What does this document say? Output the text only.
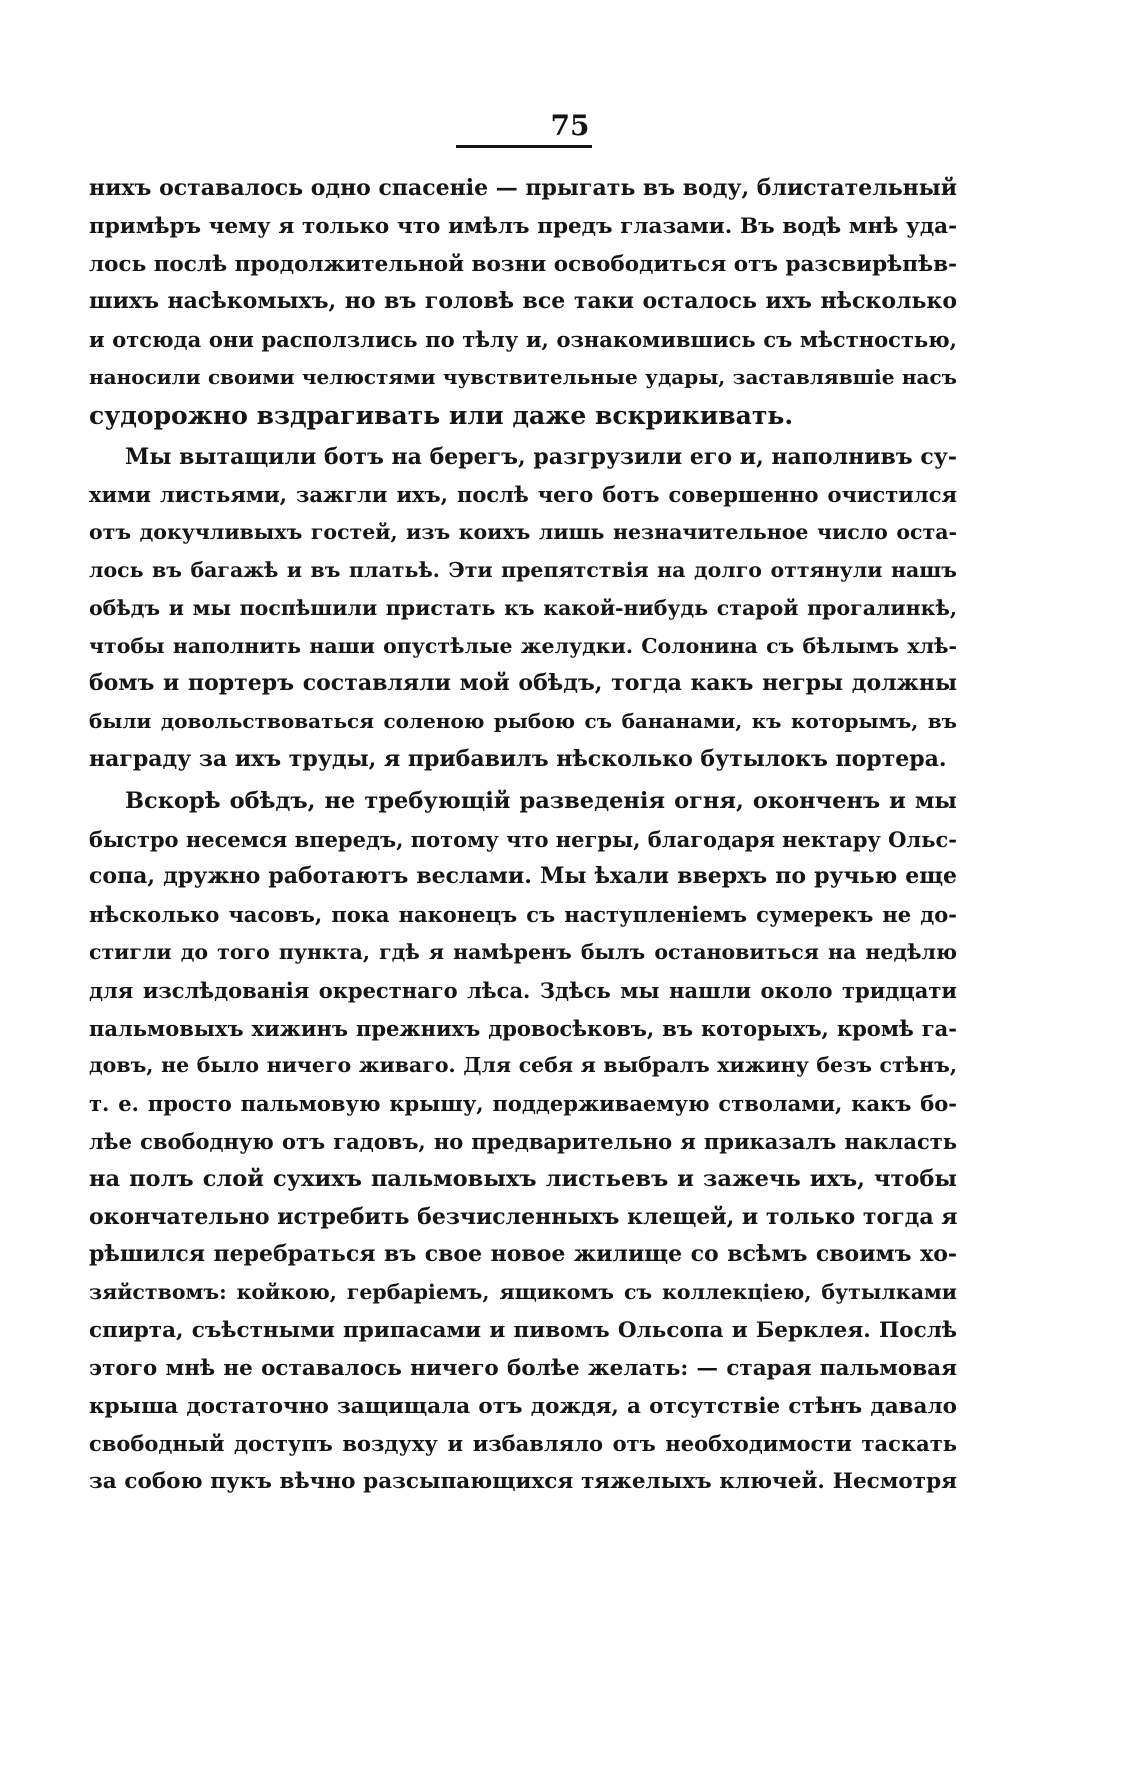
75
нихъ оставалось одно спасеніе — прыгать въ воду, блистательный
примѣръ чему я только что имѣлъ предъ глазами. Въ водѣ мнѣ уда-
лось послѣ продолжительной возни освободиться отъ разсвирѣпѣв-
шихъ насѣкомыхъ, но въ головѣ все таки осталось ихъ нѣсколько
и отсюда они расползлись по тѣлу и, ознакомившись съ мѣстностью,
наносили своими челюстями чувствительные удары, заставлявшіе насъ
судорожно вздрагивать или даже вскрикивать.
Мы вытащили ботъ на берегъ, разгрузили его и, наполнивъ су-
хими листьями, зажгли ихъ, послѣ чего ботъ совершенно очистился
отъ докучливыхъ гостей, изъ коихъ лишь незначительное число оста-
лось въ багажѣ и въ платьѣ. Эти препятствія на долго оттянули нашъ
обѣдъ и мы поспѣшили пристать къ какой-нибудь старой прогалинкѣ,
чтобы наполнить наши опустѣлые желудки. Солонина съ бѣлымъ хлѣ-
бомъ и портеръ составляли мой обѣдъ, тогда какъ негры должны
были довольствоваться соленою рыбою съ бананами, къ которымъ, въ
награду за ихъ труды, я прибавилъ нѣсколько бутылокъ портера.
Вскорѣ обѣдъ, не требующій разведенія огня, оконченъ и мы
быстро несемся впередъ, потому что негры, благодаря нектару Ольс-
сопа, дружно работаютъ веслами. Мы ѣхали вверхъ по ручью еще
нѣсколько часовъ, пока наконецъ съ наступленіемъ сумерекъ не до-
стигли до того пункта, гдѣ я намѣренъ былъ остановиться на недѣлю
для изслѣдованія окрестнаго лѣса. Здѣсь мы нашли около тридцати
пальмовыхъ хижинъ прежнихъ дровосѣковъ, въ которыхъ, кромѣ га-
довъ, не было ничего живаго. Для себя я выбралъ хижину безъ стѣнъ,
т. е. просто пальмовую крышу, поддерживаемую стволами, какъ бо-
лѣе свободную отъ гадовъ, но предварительно я приказалъ накласть
на полъ слой сухихъ пальмовыхъ листьевъ и зажечь ихъ, чтобы
окончательно истребить безчисленныхъ клещей, и только тогда я
рѣшился перебраться въ свое новое жилище со всѣмъ своимъ хо-
зяйствомъ: койкою, гербаріемъ, ящикомъ съ коллекціею, бутылками
спирта, съѣстными припасами и пивомъ Ольсопа и Берклея. Послѣ
этого мнѣ не оставалось ничего болѣе желать: — старая пальмовая
крыша достаточно защищала отъ дождя, а отсутствіе стѣнъ давало
свободный доступъ воздуху и избавляло отъ необходимости таскать
за собою пукъ вѣчно разсыпающихся тяжелыхъ ключей. Несмотря
